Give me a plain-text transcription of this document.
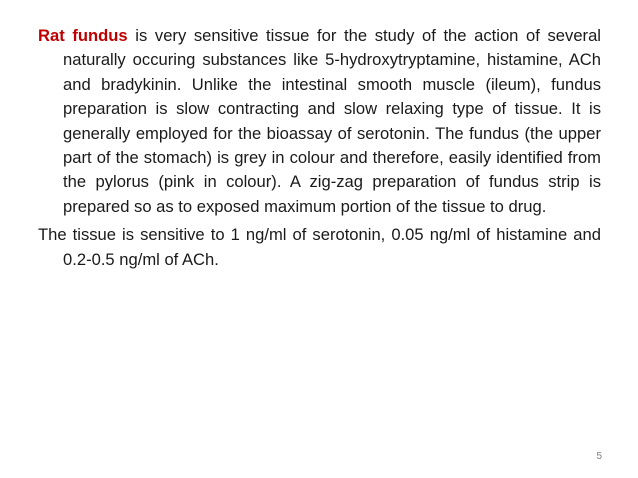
Rat fundus is very sensitive tissue for the study of the action of several naturally occuring substances like 5-hydroxytryptamine, histamine, ACh and bradykinin. Unlike the intestinal smooth muscle (ileum), fundus preparation is slow contracting and slow relaxing type of tissue. It is generally employed for the bioassay of serotonin. The fundus (the upper part of the stomach) is grey in colour and therefore, easily identified from the pylorus (pink in colour). A zig-zag preparation of fundus strip is prepared so as to exposed maximum portion of the tissue to drug.

The tissue is sensitive to 1 ng/ml of serotonin, 0.05 ng/ml of histamine and 0.2-0.5 ng/ml of ACh.

5
